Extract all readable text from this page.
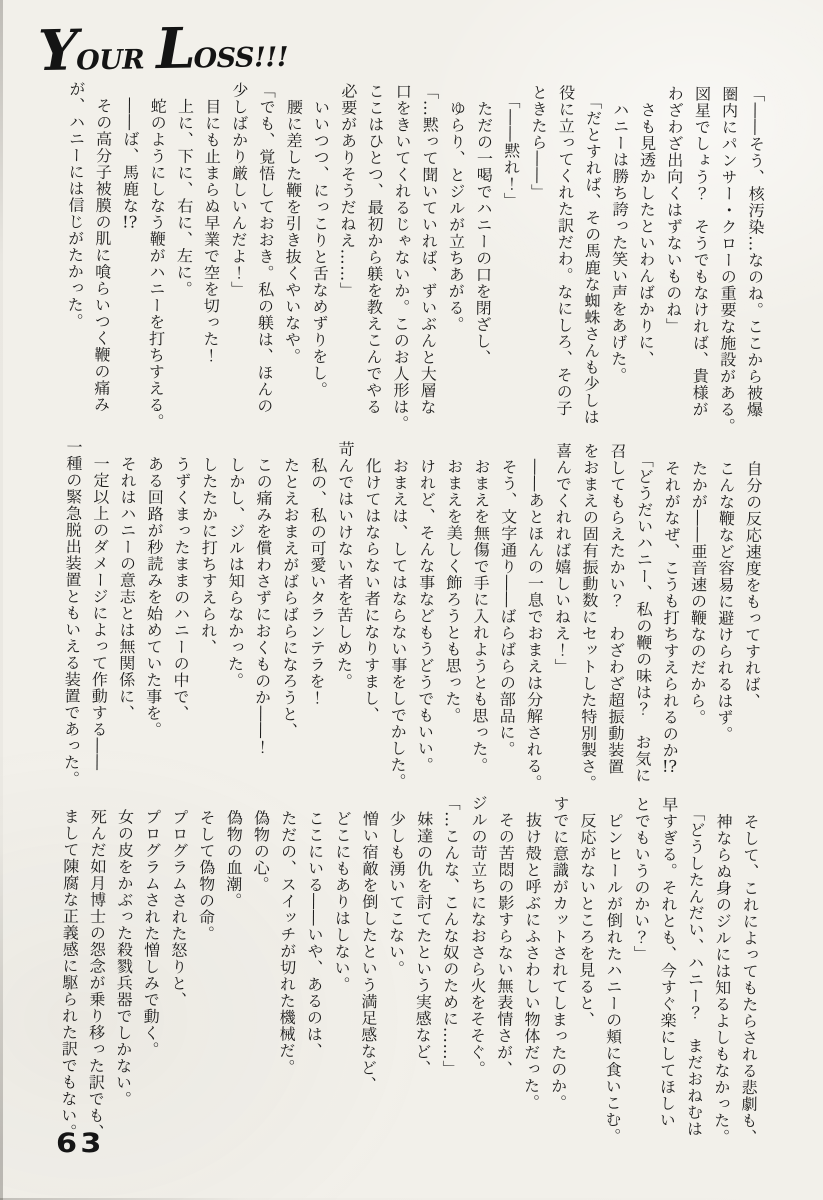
YOUR LOSS!!!

「――そう、核汚染…なのね。ここから被爆

圏内にパンサー・クローの重要な施設がある。

図星でしょう？　そうでもなければ、貴様が

わざわざ出向くはずないものね」

　さも見透かしたといわんばかりに、

　ハニーは勝ち誇った笑い声をあげた。

　「だとすれば、その馬鹿な蜘蛛さんも少しは

役に立ってくれた訳だわ。なにしろ、その子

ときたら――」

　「――黙れ！」

　ただの一喝でハニーの口を閉ざし、

　ゆらり、とジルが立ちあがる。

「…黙って聞いていれば、ずいぶんと大層な

口をきいてくれるじゃないか。このお人形は。

ここはひとつ、最初から躾を教えこんでやる

必要がありそうだねえ……」

　いいつつ、にっこりと舌なめずりをし。

　腰に差した鞭を引き抜くやいなや。

「でも、覚悟しておおき。私の躾は、ほんの

少しばかり厳しいんだよ！」

　目にも止まらぬ早業で空を切った！

　上に、下に、右に、左に。

　蛇のようにしなう鞭がハニーを打ちすえる。

　――ば、馬鹿な!?

　その高分子被膜の肌に喰らいつく鞭の痛み

が、ハニーには信じがたかった。

　自分の反応速度をもってすれば、

　こんな鞭など容易に避けられるはず。

　たかが――亜音速の鞭なのだから。

　それがなぜ、こうも打ちすえられるのか!?

　「どうだいハニー、私の鞭の味は？　お気に

召してもらえたかい？　わざわざ超振動装置

をおまえの固有振動数にセットした特別製さ。

喜んでくれれば嬉しいねえ！」

　――あとほんの一息でおまえは分解される。

　そう、文字通り――ばらばらの部品に。

　おまえを無傷で手に入れようとも思った。

　おまえを美しく飾ろうとも思った。

　けれど、そんな事などもうどうでもいい。

　おまえは、してはならない事をしでかした。

　化けてはならない者になりすまし、

苛んではいけない者を苦しめた。

　私の、私の可愛いタランテラを！

　たとえおまえがばらばらになろうと、

　この痛みを償わさずにおくものか――！

　しかし、ジルは知らなかった。

　したたかに打ちすえられ、

　うずくまったままのハニーの中で、

　ある回路が秒読みを始めていた事を。

　それはハニーの意志とは無関係に、

　一定以上のダメージによって作動する――

一種の緊急脱出装置ともいえる装置であった。

　そして、これによってもたらされる悲劇も、

　神ならぬ身のジルには知るよしもなかった。

　「どうしたんだい、ハニー？　まだおねむは

早すぎる。それとも、今すぐ楽にしてほしい

とでもいうのかい？」

　ピンヒールが倒れたハニーの頬に食いこむ。

　反応がないところを見ると、

すでに意識がカットされてしまったのか。

　抜け殻と呼ぶにふさわしい物体だった。

　その苦悶の影すらない無表情さが、

ジルの苛立ちになおさら火をそそぐ。

「…こんな、こんな奴のために……」

　妹達の仇を討てたという実感など、

　少しも湧いてこない。

　憎い宿敵を倒したという満足感など、

　どこにもありはしない。

　ここにいる――いや、あるのは、

　ただの、スイッチが切れた機械だ。

　偽物の心。

　偽物の血潮。

　そして偽物の命。

　プログラムされた怒りと、

　プログラムされた憎しみで動く。

　女の皮をかぶった殺戮兵器でしかない。

　死んだ如月博士の怨念が乗り移った訳でも、

　まして陳腐な正義感に駆られた訳でもない。

63
